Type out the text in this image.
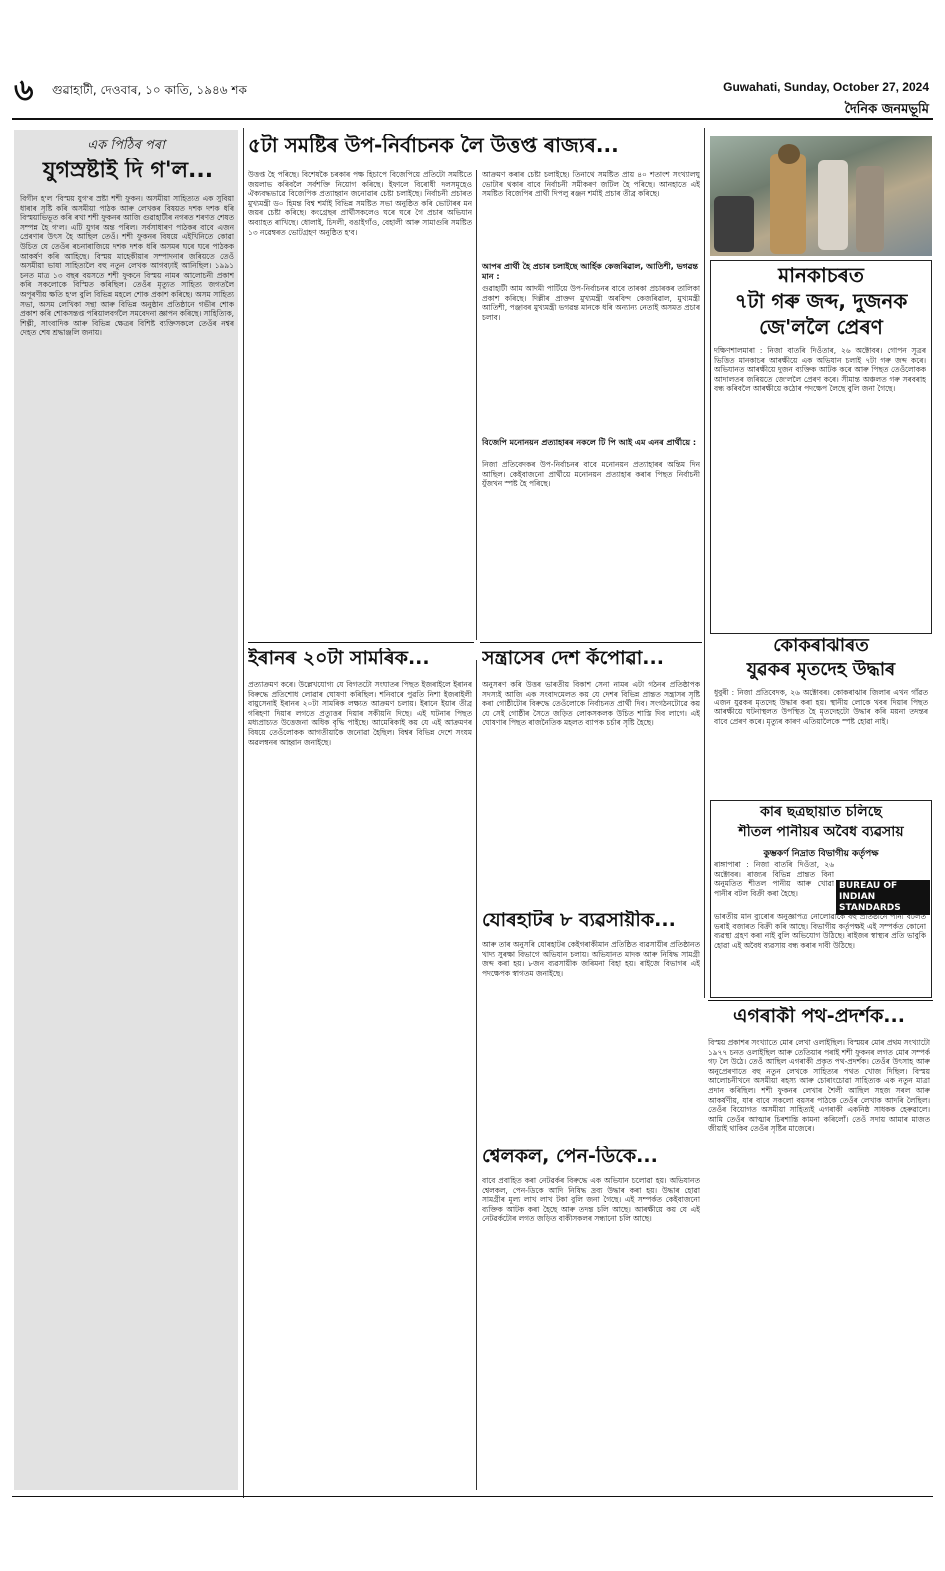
৬ গুৱাহাটী, দেওবাৰ, ১০ কাতি, ১৯৪৬ শক	Guwahati, Sunday, October 27, 2024
দৈনিক জনমভূমি
এক পিঠিৰ পৰা
যুগস্ৰষ্টাই দি গ'ল...
বিগীন হ'ল 'বিস্ময় যুগ'ৰ স্ৰষ্টা শশী ফুকন। অসমীয়া সাহিত্যত এক সুবিয়া ধাৰাৰ সৃষ্টি কৰি অসমীয়া পাঠক আৰু লেখকৰ বিষয়ত দশক দশক ধৰি বিস্ময়াভিভূত কৰি ৰখা শশী ফুকনৰ আজি গুৱাহাটীৰ নগৰত শৰণত শেষত সম্পন্ন হৈ গ'ল। এটি যুগৰ অন্ত পৰিল। সৰ্বসাধাৰণ পাঠকৰ বাবে এজন প্ৰেৰণাৰ উৎস হৈ আছিল তেওঁ। শশী ফুকনৰ বিষয়ে এইখিনিতে কোৱা উচিত যে তেওঁৰ ৰচনাৰাজিয়ে দশক দশক ধৰি অসমৰ ঘৰে ঘৰে পাঠকক আকৰ্ষণ কৰি আহিছে। বিস্ময় মাহেকীয়াৰ সম্পাদনাৰ জৰিয়তে তেওঁ অসমীয়া ভাষা সাহিত্যলৈ বহু নতুন লেখক আগবঢ়াই আনিছিল। ১৯৯১ চনত মাত্ৰ ১৩ বছৰ বয়সতে শশী ফুকনে বিস্ময় নামৰ আলোচনী প্ৰকাশ কৰি সকলোকে বিস্মিত কৰিছিল। তেওঁৰ মৃত্যুত সাহিত্য জগতলৈ অপূৰণীয় ক্ষতি হ'ল বুলি বিভিন্ন মহলে শোক প্ৰকাশ কৰিছে। অসম সাহিত্য সভা, অসম লেখিকা সন্থা আৰু বিভিন্ন অনুষ্ঠান প্ৰতিষ্ঠানে গভীৰ শোক প্ৰকাশ কৰি শোকসন্তপ্ত পৰিয়ালবৰ্গলৈ সমবেদনা জ্ঞাপন কৰিছে। সাহিত্যিক, শিল্পী, সাংবাদিক আৰু বিভিন্ন ক্ষেত্ৰৰ বিশিষ্ট ব্যক্তিসকলে তেওঁৰ নশ্বৰ দেহত শেষ শ্ৰদ্ধাঞ্জলি জনায়।
৫টা সমষ্টিৰ উপ-নিৰ্বাচনক লৈ উত্তপ্ত ৰাজ্যৰ...
উত্তপ্ত হৈ পৰিছে। বিশেষকৈ চৰকাৰ পক্ষ হিচাপে বিজেপিয়ে প্ৰতিটো সমষ্টিতে জয়লাভ কৰিবলৈ সৰ্বশক্তি নিয়োগ কৰিছে। ইফালে বিৰোধী দলসমূহেও ঐক্যবদ্ধভাৱে বিজেপিক প্ৰত্যাহ্বান জনোৱাৰ চেষ্টা চলাইছে। নিৰ্বাচনী প্ৰচাৰত মুখ্যমন্ত্ৰী ড০ হিমন্ত বিশ্ব শৰ্মাই বিভিন্ন সমষ্টিত সভা অনুষ্ঠিত কৰি ভোটাৰৰ মন জয়ৰ চেষ্টা কৰিছে। কংগ্ৰেছৰ প্ৰাৰ্থীসকলেও ঘৰে ঘৰে গৈ প্ৰচাৰ অভিযান অব্যাহত ৰাখিছে। ধোলাই, চিদলী, বঙাইগাঁও, বেহালী আৰু সামাগুৰি সমষ্টিত ১৩ নৱেম্বৰত ভোটগ্ৰহণ অনুষ্ঠিত হ'ব।
আক্ৰমণ কৰাৰ চেষ্টা চলাইছে। তিনাথে সমষ্টিত প্ৰায় ৪০ শতাংশ সংখ্যালঘু ভোটাৰ থকাৰ বাবে নিৰ্বাচনী সমীকৰণ জটিল হৈ পৰিছে। আনহাতে এই সমষ্টিত বিজেপিৰ প্ৰাৰ্থী দিপলু ৰঞ্জন শৰ্মাই প্ৰচাৰ তীব্ৰ কৰিছে।
আপৰ প্ৰাৰ্থী হৈ প্ৰচাৰ চলাইছে আৰ্হিক কেজৰিৱাল, আতিশী, ভগৱন্ত মান :
গুৱাহাটী আম আদমী পাৰ্টিয়ে উপ-নিৰ্বাচনৰ বাবে তাৰকা প্ৰচাৰকৰ তালিকা প্ৰকাশ কৰিছে। দিল্লীৰ প্ৰাক্তন মুখ্যমন্ত্ৰী অৰবিন্দ কেজৰিৱাল, মুখ্যমন্ত্ৰী আতিশী, পঞ্জাবৰ মুখ্যমন্ত্ৰী ভগৱন্ত মানকে ধৰি অন্যান্য নেতাই অসমত প্ৰচাৰ চলাব।
বিজেপি মনোনয়ন প্ৰত্যাহাৰৰ নকলে টি পি আই এম এনৰ প্ৰাৰ্থীয়ে :
নিজা প্ৰতিবেদকৰ উপ-নিৰ্বাচনৰ বাবে মনোনয়ন প্ৰত্যাহাৰৰ অন্তিম দিন আছিল। কেইবাজনো প্ৰাৰ্থীয়ে মনোনয়ন প্ৰত্যাহাৰ কৰাৰ পিছত নিৰ্বাচনী যুঁজখন স্পষ্ট হৈ পৰিছে।
ইৰানৰ ২০টা সামৰিক...
প্ৰত্যাক্ৰমণ কৰে। উল্লেখযোগ্য যে বিগতটো সংঘাতৰ পিছত ইজৰাইলে ইৰানৰ বিৰুদ্ধে প্ৰতিশোধ লোৱাৰ ঘোষণা কৰিছিল। শনিবাৰে পুৱতি নিশা ইজৰাইলী বায়ুসেনাই ইৰানৰ ২০টা সামৰিক লক্ষ্যত আক্ৰমণ চলায়। ইৰানে ইয়াৰ তীব্ৰ গৰিহণা দিয়াৰ লগতে প্ৰত্যুত্তৰ দিয়াৰ সকীয়নি দিছে। এই ঘটনাৰ পিছত মধ্যপ্ৰাচ্যত উত্তেজনা অধিক বৃদ্ধি পাইছে। আমেৰিকাই কয় যে এই আক্ৰমণৰ বিষয়ে তেওঁলোকক আগতীয়াকৈ জনোৱা হৈছিল। বিশ্বৰ বিভিন্ন দেশে সংযম অৱলম্বনৰ আহ্বান জনাইছে।
সন্ত্ৰাসেৰ দেশ কঁপোৱা...
অনুসৰণ কৰি উত্তৰ ভাৰতীয় বিকাশ সেনা নামৰ এটা গঠনৰ প্ৰতিষ্ঠাপক সদস্যই আজি এক সংবাদমেলত কয় যে দেশৰ বিভিন্ন প্ৰান্তত সন্ত্ৰাসৰ সৃষ্টি কৰা গোষ্ঠীটোৰ বিৰুদ্ধে তেওঁলোকে নিৰ্বাচনত প্ৰাৰ্থী দিব। সংগঠনটোৱে কয় যে সেই গোষ্ঠীৰ সৈতে জড়িত লোকসকলক উচিত শাস্তি দিব লাগে। এই ঘোষণাৰ পিছত ৰাজনৈতিক মহলত ব্যাপক চৰ্চাৰ সৃষ্টি হৈছে।
যোৰহাটৰ ৮ ব্যৱসায়ীক...
আৰু তাৰ অনুসৰি যোৰহাটৰ কেইগৰাকীমান প্ৰতিষ্ঠিত ব্যৱসায়ীৰ প্ৰতিষ্ঠানত খাদ্য সুৰক্ষা বিভাগে অভিযান চলায়। অভিযানত মাদক আৰু নিষিদ্ধ সামগ্ৰী জব্দ কৰা হয়। ৮জন ব্যৱসায়ীক জৰিমনা বিহা হয়। ৰাইজে বিভাগৰ এই পদক্ষেপক স্বাগতম জনাইছে।
শ্বেলকল, পেন-ডিকে...
বাবে প্ৰবাহিত কৰা নেটৱৰ্কৰ বিৰুদ্ধে এক অভিযান চলোৱা হয়। অভিযানত শ্বেলকল, পেন-ডিকে আদি নিষিদ্ধ দ্ৰব্য উদ্ধাৰ কৰা হয়। উদ্ধাৰ হোৱা সামগ্ৰীৰ মূল্য লাখ লাখ টকা বুলি জনা গৈছে। এই সম্পৰ্কত কেইবাজনো ব্যক্তিক আটক কৰা হৈছে আৰু তদন্ত চলি আছে। আৰক্ষীয়ে কয় যে এই নেটৱৰ্কটোৰ লগত জড়িত বাকীসকলৰ সন্ধানো চলি আছে।
মানকাচৰত
৭টা গৰু জব্দ, দুজনক
জে'ললৈ প্ৰেৰণ
দক্ষিণশালমাৰা : নিজা বাতৰি দিওঁতাৰ, ২৬ অক্টোবৰ। গোপন সূত্ৰৰ ভিত্তিত মানকাচৰ আৰক্ষীয়ে এক অভিযান চলাই ৭টা গৰু জব্দ কৰে। অভিযানত আৰক্ষীয়ে দুজন ব্যক্তিক আটক কৰে আৰু পিছত তেওঁলোকক আদালতৰ জৰিয়তে জে'ললৈ প্ৰেৰণ কৰে। সীমান্ত অঞ্চলত গৰু সৰবৰাহ বন্ধ কৰিবলৈ আৰক্ষীয়ে কঠোৰ পদক্ষেপ লৈছে বুলি জনা গৈছে।
কোকৰাঝাৰত
যুৱকৰ মৃতদেহ উদ্ধাৰ
ধুবুৰী : নিজা প্ৰতিবেদক, ২৬ অক্টোবৰ। কোকৰাঝাৰ জিলাৰ এখন গাঁৱত এজন যুৱকৰ মৃতদেহ উদ্ধাৰ কৰা হয়। স্থানীয় লোকে খবৰ দিয়াৰ পিছত আৰক্ষীয়ে ঘটনাস্থলত উপস্থিত হৈ মৃতদেহটো উদ্ধাৰ কৰি ময়না তদন্তৰ বাবে প্ৰেৰণ কৰে। মৃত্যুৰ কাৰণ এতিয়ালৈকে স্পষ্ট হোৱা নাই।
কাৰ ছত্ৰছায়াত চলিছে
শীতল পানীয়ৰ অবৈধ ব্যৱসায়
কুম্ভকৰ্ণ নিদ্ৰাত বিভাগীয় কৰ্তৃপক্ষ
ৰাঙ্গাপাৰা : নিজা বাতৰি দিওঁতা, ২৬ অক্টোবৰ। ৰাজ্যৰ বিভিন্ন প্ৰান্তত বিনা অনুমতিত শীতল পানীয় আৰু খোৱা পানীৰ বটল বিক্ৰী কৰা হৈছে।
BUREAU OF INDIAN STANDARDS
ভাৰতীয় মান ব্যুৰোৰ অনুজ্ঞাপত্ৰ নোলোৱাকৈ বহু প্ৰতিষ্ঠানে পানী বটলত ভৰাই বজাৰত বিক্ৰী কৰি আছে। বিভাগীয় কৰ্তৃপক্ষই এই সম্পৰ্কত কোনো ব্যৱস্থা গ্ৰহণ কৰা নাই বুলি অভিযোগ উঠিছে। ৰাইজৰ স্বাস্থ্যৰ প্ৰতি ভাবুকি হোৱা এই অবৈধ ব্যৱসায় বন্ধ কৰাৰ দাবী উঠিছে।
এগৰাকী পথ-প্ৰদৰ্শক...
বিস্ময় প্ৰকাশৰ সংখ্যাতে মোৰ লেখা ওলাইছিল। বিস্ময়ৰ মোৰ প্ৰথম সংখ্যাটো ১৯৭৭ চনত ওলাইছিল আৰু তেতিয়াৰ পৰাই শশী ফুকনৰ লগত মোৰ সম্পৰ্ক গঢ় লৈ উঠে। তেওঁ আছিল এগৰাকী প্ৰকৃত পথ-প্ৰদৰ্শক। তেওঁৰ উৎসাহ আৰু অনুপ্ৰেৰণাতে বহু নতুন লেখকে সাহিত্যৰ পথত খোজ দিছিল। বিস্ময় আলোচনীখনে অসমীয়া ৰহস্য আৰু চোৰাংচোৱা সাহিত্যক এক নতুন মাত্ৰা প্ৰদান কৰিছিল। শশী ফুকনৰ লেখাৰ শৈলী আছিল সহজ সৰল আৰু আকৰ্ষণীয়, যাৰ বাবে সকলো বয়সৰ পাঠকে তেওঁৰ লেখাক আদৰি লৈছিল। তেওঁৰ বিয়োগত অসমীয়া সাহিত্যই এগৰাকী একনিষ্ঠ সাধকক হেৰুৱালে। আমি তেওঁৰ আত্মাৰ চিৰশান্তি কামনা কৰিলোঁ। তেওঁ সদায় আমাৰ মাজত জীয়াই থাকিব তেওঁৰ সৃষ্টিৰ মাজেৰে।
